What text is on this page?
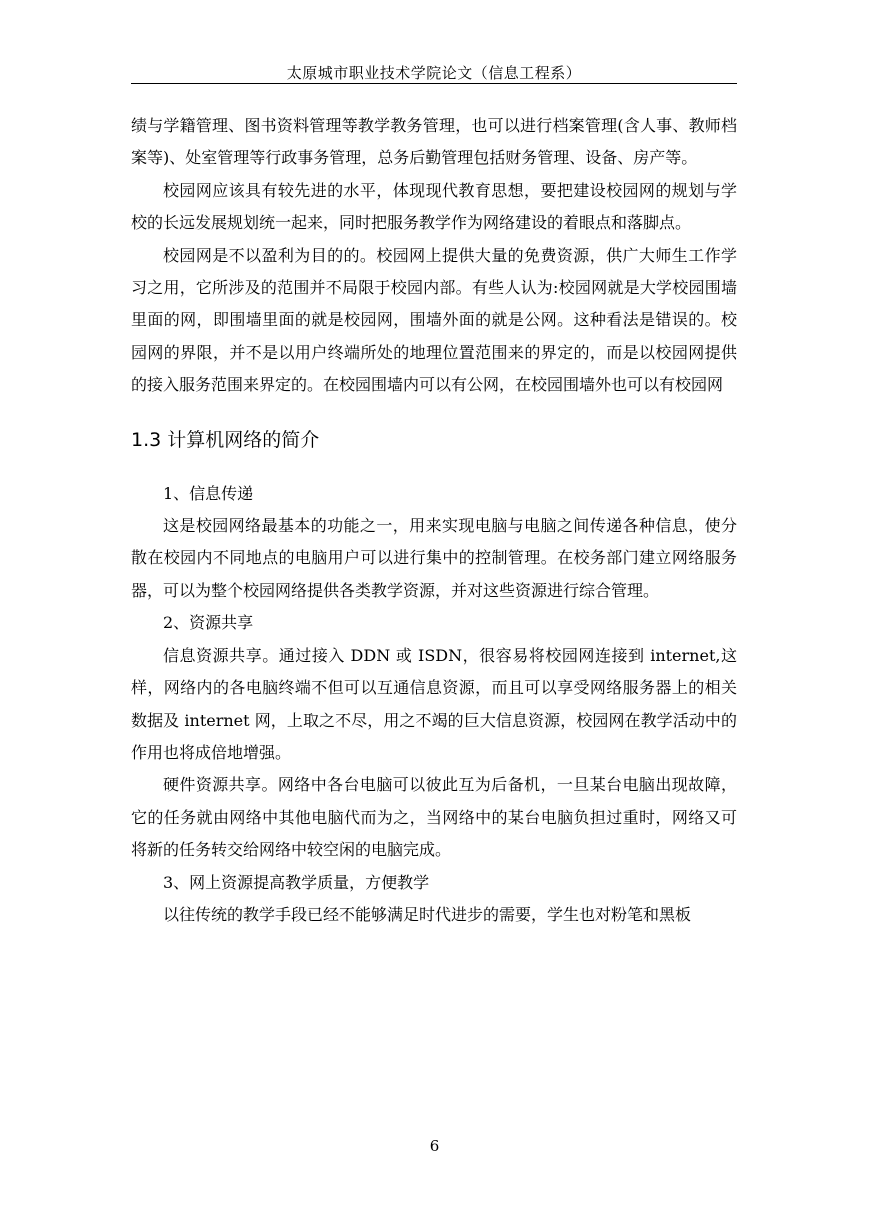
太原城市职业技术学院论文（信息工程系）

绩与学籍管理、图书资料管理等教学教务管理，也可以进行档案管理(含人事、教师档案等)、处室管理等行政事务管理，总务后勤管理包括财务管理、设备、房产等。

校园网应该具有较先进的水平，体现现代教育思想，要把建设校园网的规划与学校的长远发展规划统一起来，同时把服务教学作为网络建设的着眼点和落脚点。

校园网是不以盈利为目的的。校园网上提供大量的免费资源，供广大师生工作学习之用，它所涉及的范围并不局限于校园内部。有些人认为:校园网就是大学校园围墙里面的网，即围墙里面的就是校园网，围墙外面的就是公网。这种看法是错误的。校园网的界限，并不是以用户终端所处的地理位置范围来的界定的，而是以校园网提供的接入服务范围来界定的。在校园围墙内可以有公网，在校园围墙外也可以有校园网

1.3 计算机网络的简介

1、信息传递

这是校园网络最基本的功能之一，用来实现电脑与电脑之间传递各种信息，使分散在校园内不同地点的电脑用户可以进行集中的控制管理。在校务部门建立网络服务器，可以为整个校园网络提供各类教学资源，并对这些资源进行综合管理。

2、资源共享

信息资源共享。通过接入 DDN 或 ISDN，很容易将校园网连接到 internet,这样，网络内的各电脑终端不但可以互通信息资源，而且可以享受网络服务器上的相关数据及 internet 网，上取之不尽，用之不竭的巨大信息资源，校园网在教学活动中的作用也将成倍地增强。

硬件资源共享。网络中各台电脑可以彼此互为后备机，一旦某台电脑出现故障，它的任务就由网络中其他电脑代而为之，当网络中的某台电脑负担过重时，网络又可将新的任务转交给网络中较空闲的电脑完成。

3、网上资源提高教学质量，方便教学

以往传统的教学手段已经不能够满足时代进步的需要，学生也对粉笔和黑板

6
